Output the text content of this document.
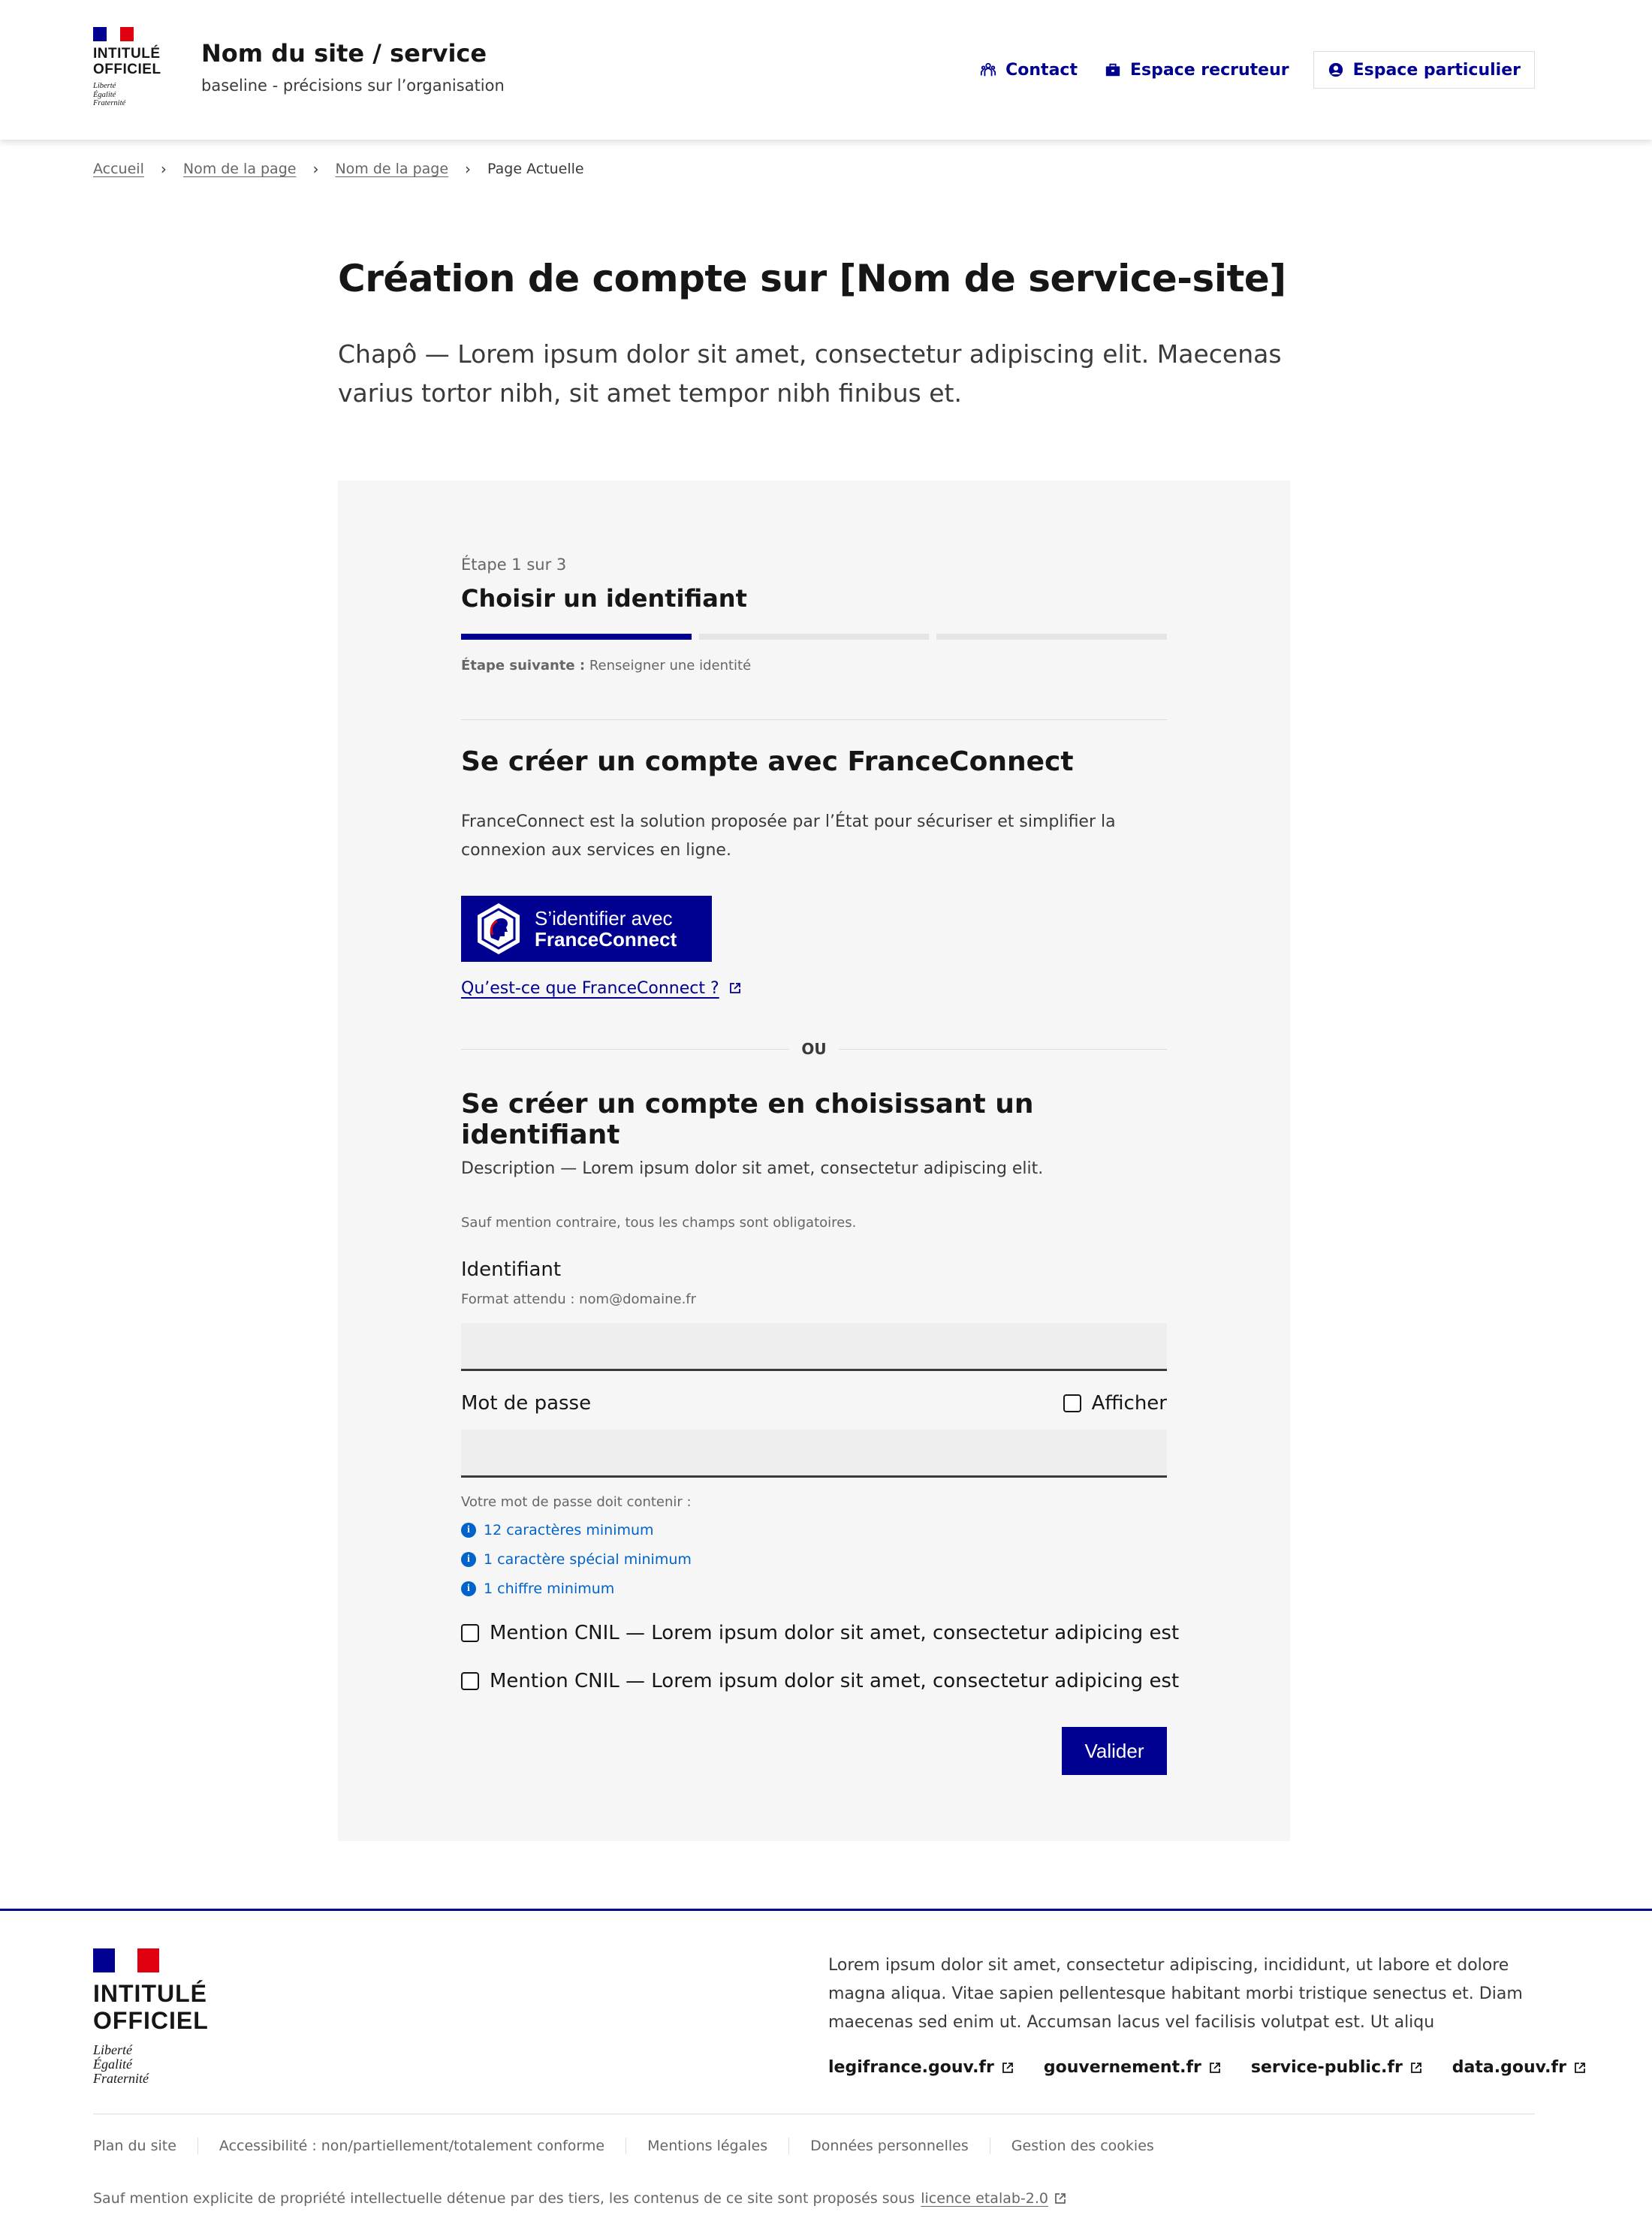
INTITULÉ
OFFICIEL
Liberté
Égalité
Fraternité
Nom du site / service
baseline - précisions sur l’organisation
Contact	Espace recruteur	Espace particulier
Accueil › Nom de la page › Nom de la page › Page Actuelle
Création de compte sur [Nom de service-site]

Chapô — Lorem ipsum dolor sit amet, consectetur adipiscing elit. Maecenas varius tortor nibh, sit amet tempor nibh finibus et.

Étape 1 sur 3
Choisir un identifiant
Étape suivante : Renseigner une identité
Se créer un compte avec FranceConnect

FranceConnect est la solution proposée par l’État pour sécuriser et simplifier la connexion aux services en ligne.

S’identifier avec
FranceConnect
Qu’est-ce que FranceConnect ?
OU
Se créer un compte en choisissant un identifiant

Description — Lorem ipsum dolor sit amet, consectetur adipiscing elit.

Sauf mention contraire, tous les champs sont obligatoires.

Identifiant
Format attendu : nom@domaine.fr
Mot de passe	Afficher
Votre mot de passe doit contenir :
i 12 caractères minimum
i 1 caractère spécial minimum
i 1 chiffre minimum
Mention CNIL — Lorem ipsum dolor sit amet, consectetur adipicing est
Mention CNIL — Lorem ipsum dolor sit amet, consectetur adipicing est
Valider
INTITULÉ
OFFICIEL
Liberté
Égalité
Fraternité

Lorem ipsum dolor sit amet, consectetur adipiscing, incididunt, ut labore et dolore magna aliqua. Vitae sapien pellentesque habitant morbi tristique senectus et. Diam maecenas sed enim ut. Accumsan lacus vel facilisis volutpat est. Ut aliqu

legifrance.gouv.fr	gouvernement.fr	service-public.fr	data.gouv.fr
Plan du site	Accessibilité : non/partiellement/totalement conforme	Mentions légales	Données personnelles	Gestion des cookies
Sauf mention explicite de propriété intellectuelle détenue par des tiers, les contenus de ce site sont proposés sous licence etalab-2.0
